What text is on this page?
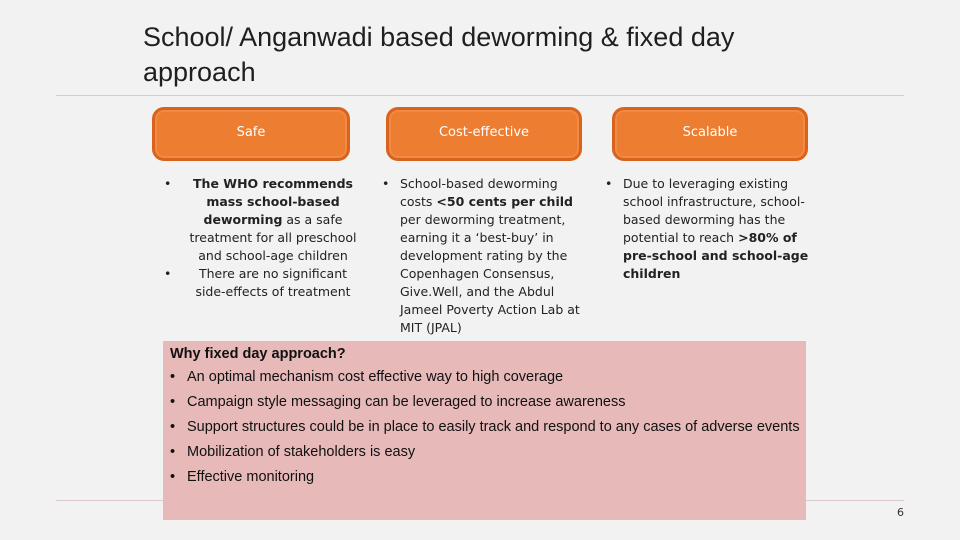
School/ Anganwadi based deworming & fixed day approach
Safe	Cost-effective	Scalable
• The WHO recommends mass school-based deworming as a safe treatment for all preschool and school-age children
• There are no significant side-effects of treatment
• School-based deworming costs <50 cents per child per deworming treatment, earning it a ‘best-buy’ in development rating by the Copenhagen Consensus, Give.Well, and the Abdul Jameel Poverty Action Lab at MIT (JPAL)
• Due to leveraging existing school infrastructure, school-based deworming has the potential to reach >80% of pre-school and school-age children
Why fixed day approach?
• An optimal mechanism cost effective way to high coverage
• Campaign style messaging can be leveraged to increase awareness
• Support structures could be in place to easily track and respond to any cases of adverse events
• Mobilization of stakeholders is easy
• Effective monitoring
6
